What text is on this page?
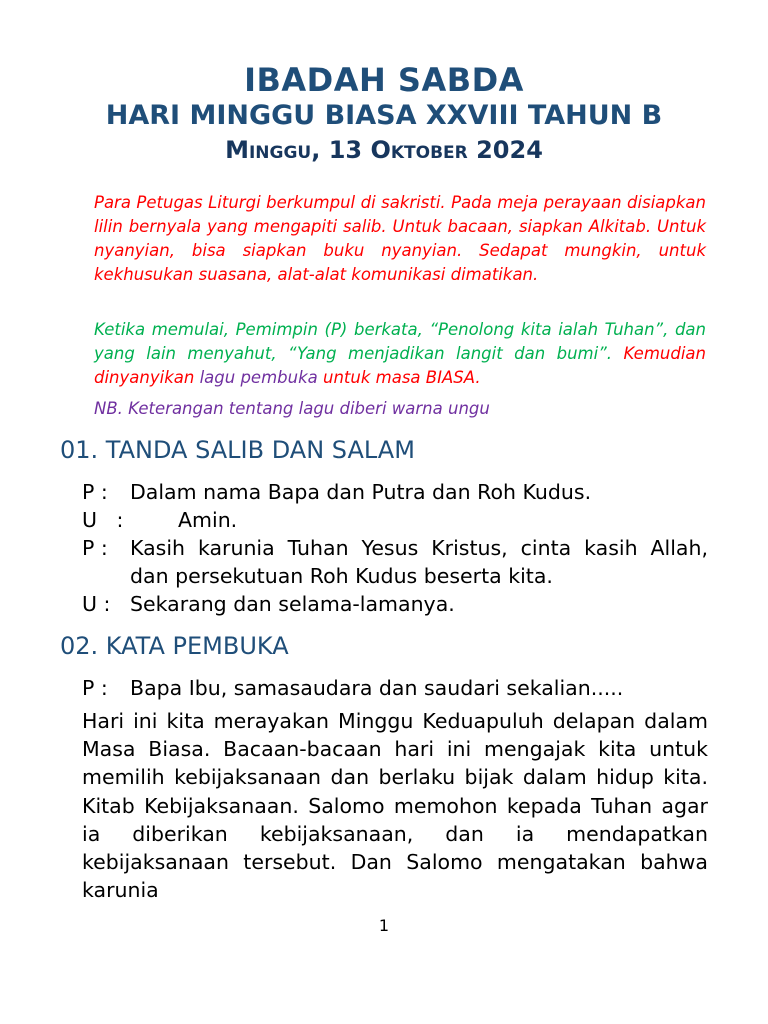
IBADAH SABDA
HARI MINGGU BIASA XXVIII TAHUN B
Minggu, 13 Oktober 2024
Para Petugas Liturgi berkumpul di sakristi. Pada meja perayaan disiapkan lilin bernyala yang mengapiti salib. Untuk bacaan, siapkan Alkitab. Untuk nyanyian, bisa siapkan buku nyanyian. Sedapat mungkin, untuk kekhusukan suasana, alat-alat komunikasi dimatikan.
Ketika memulai, Pemimpin (P) berkata, “Penolong kita ialah Tuhan”, dan yang lain menyahut, “Yang menjadikan langit dan bumi”. Kemudian dinyanyikan lagu pembuka untuk masa BIASA.
NB. Keterangan tentang lagu diberi warna ungu
01. TANDA SALIB DAN SALAM
P :	Dalam nama Bapa dan Putra dan Roh Kudus.
U   :	Amin.
P :	Kasih karunia Tuhan Yesus Kristus, cinta kasih Allah, dan persekutuan Roh Kudus beserta kita.
U : Sekarang dan selama-lamanya.
02. KATA PEMBUKA
P :	Bapa Ibu, samasaudara dan saudari sekalian.....
Hari ini kita merayakan Minggu Keduapuluh delapan dalam Masa Biasa. Bacaan-bacaan hari ini mengajak kita untuk memilih kebijaksanaan dan berlaku bijak dalam hidup kita. Kitab Kebijaksanaan. Salomo memohon kepada Tuhan agar ia diberikan kebijaksanaan, dan ia mendapatkan kebijaksanaan tersebut. Dan Salomo mengatakan bahwa karunia
1
